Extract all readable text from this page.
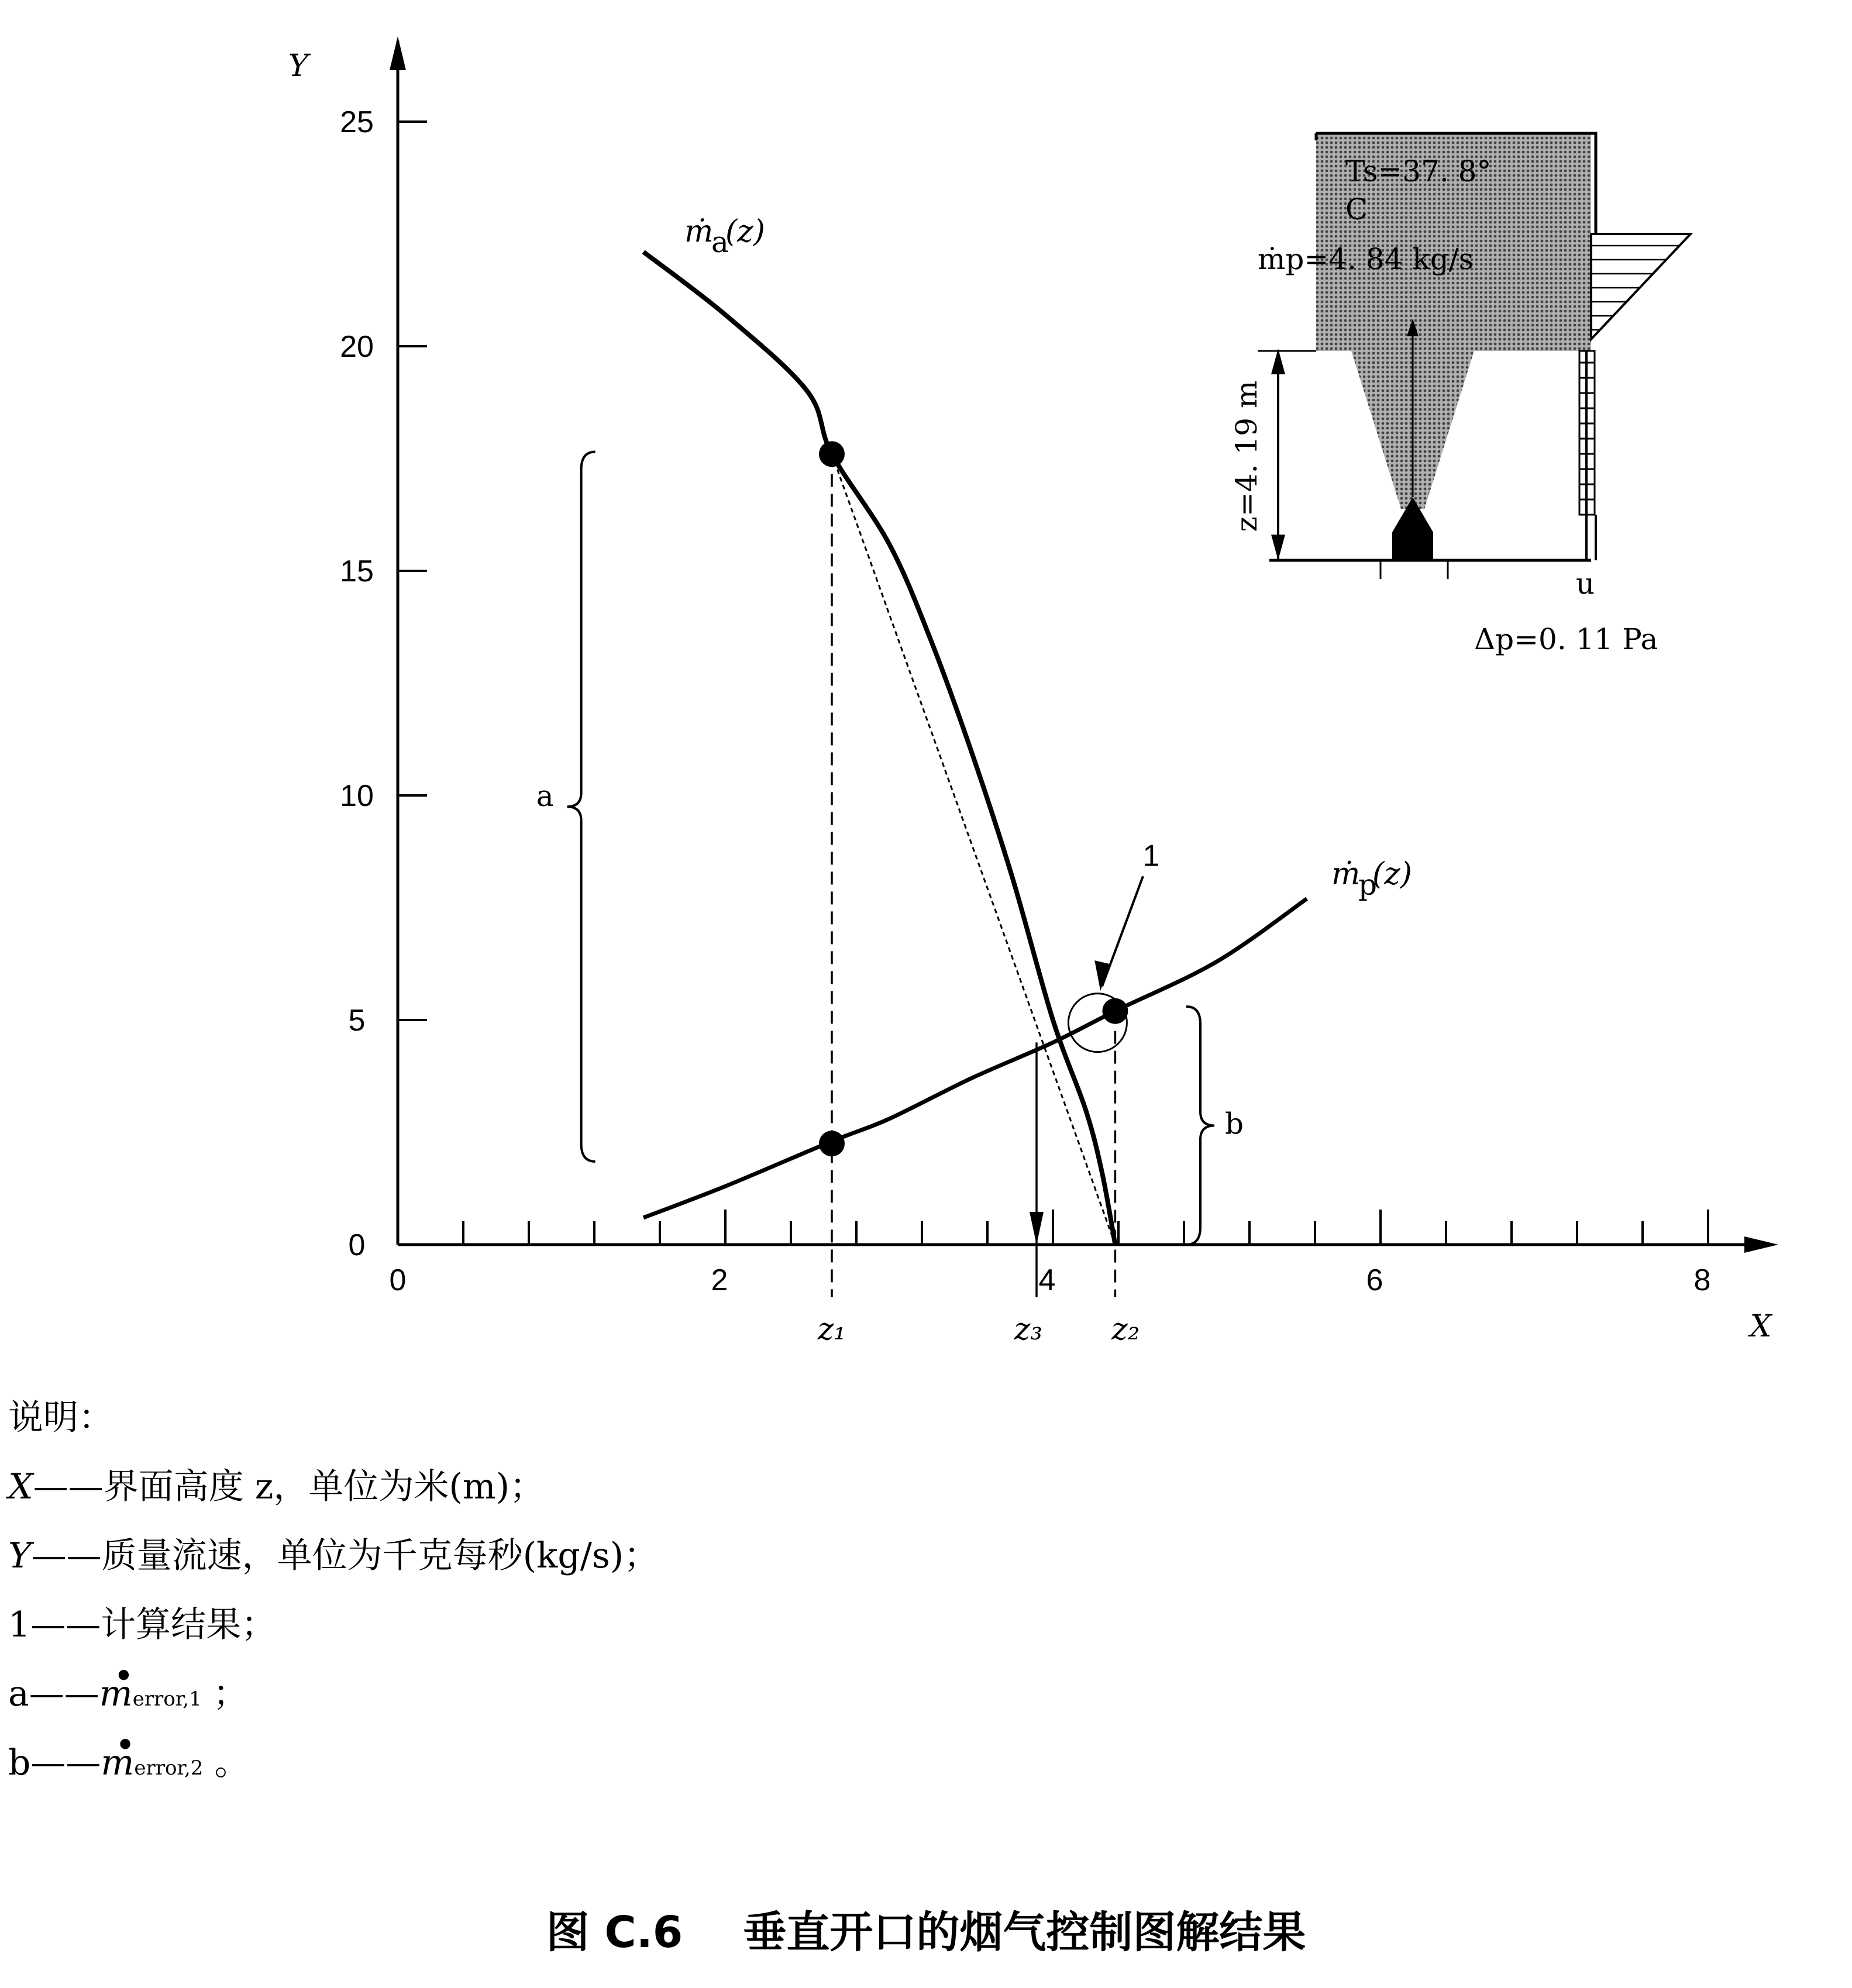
Y
X
0	2	4	6	8
0
5
10
15
20
25
ṁ
a
(z)
ṁ
p
(z)
z₁	z₃ z₂
1
a
b
z=4. 19 m
Ts=37. 8°
C
ṁp=4. 84 kg/s
u
Δp=0. 11 Pa
说明：
X——界面高度 z，单位为米(m)；
Y——质量流速，单位为千克每秒(kg/s)；
1——计算结果；
a——• merror,1 ；
b——• merror,2 。
图 C.6    垂直开口的烟气控制图解结果
